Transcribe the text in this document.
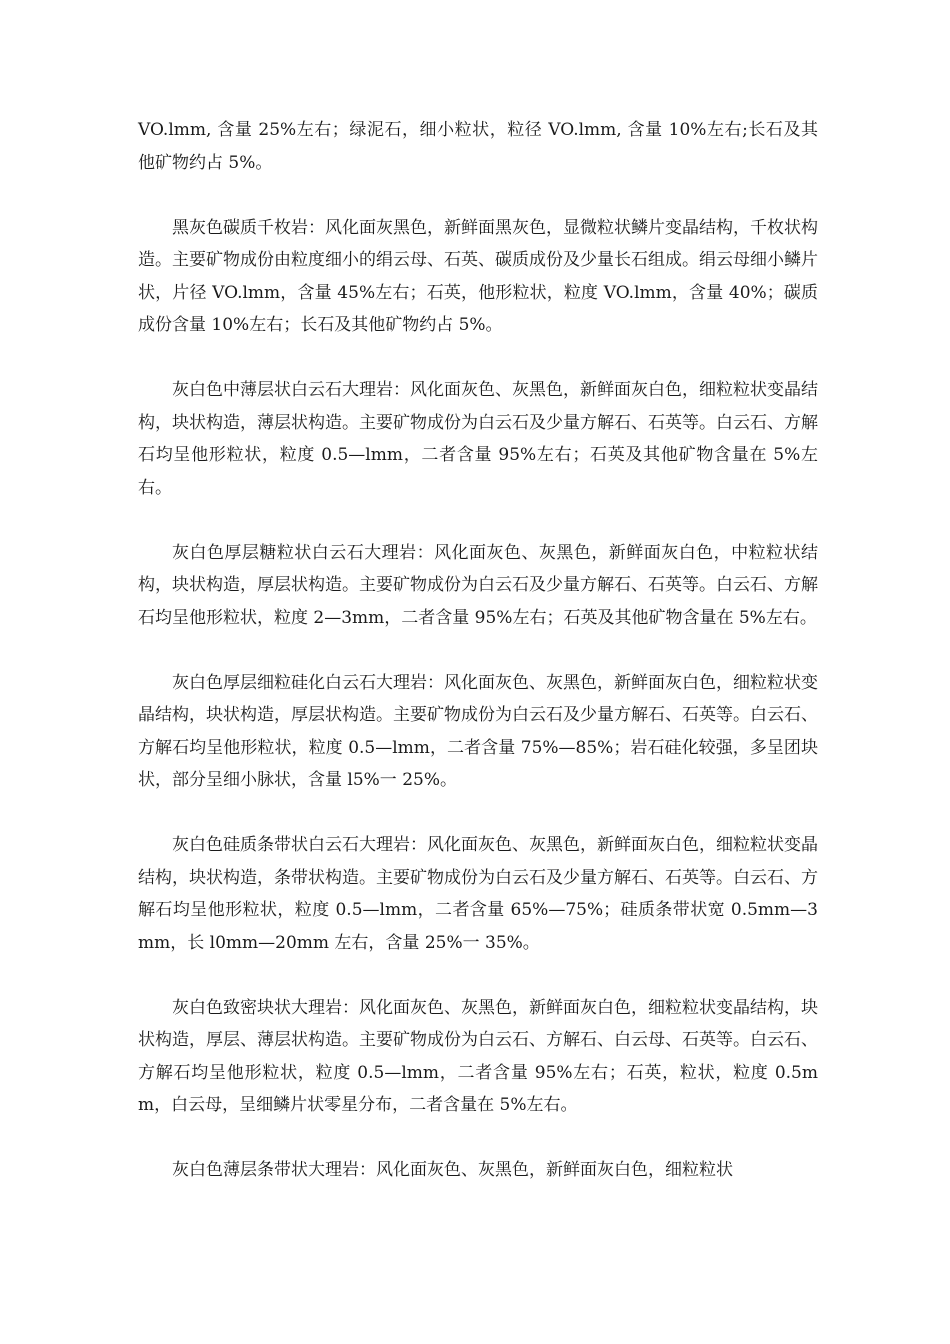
VO.lmm, 含量 25%左右；绿泥石，细小粒状，粒径 VO.lmm, 含量 10%左右;长石及其他矿物约占 5%。

黑灰色碳质千枚岩：风化面灰黑色，新鲜面黑灰色，显微粒状鳞片变晶结构，千枚状构造。主要矿物成份由粒度细小的绢云母、石英、碳质成份及少量长石组成。绢云母细小鳞片状，片径 VO.lmm，含量 45%左右；石英，他形粒状，粒度 VO.lmm，含量 40%；碳质成份含量 10%左右；长石及其他矿物约占 5%。

灰白色中薄层状白云石大理岩：风化面灰色、灰黑色，新鲜面灰白色，细粒粒状变晶结构，块状构造，薄层状构造。主要矿物成份为白云石及少量方解石、石英等。白云石、方解石均呈他形粒状，粒度 0.5—lmm，二者含量 95%左右；石英及其他矿物含量在 5%左右。

灰白色厚层糖粒状白云石大理岩：风化面灰色、灰黑色，新鲜面灰白色，中粒粒状结构，块状构造，厚层状构造。主要矿物成份为白云石及少量方解石、石英等。白云石、方解石均呈他形粒状，粒度 2—3mm，二者含量 95%左右；石英及其他矿物含量在 5%左右。

灰白色厚层细粒硅化白云石大理岩：风化面灰色、灰黑色，新鲜面灰白色，细粒粒状变晶结构，块状构造，厚层状构造。主要矿物成份为白云石及少量方解石、石英等。白云石、方解石均呈他形粒状，粒度 0.5—lmm，二者含量 75%—85%；岩石硅化较强，多呈团块状，部分呈细小脉状，含量 l5%一 25%。

灰白色硅质条带状白云石大理岩：风化面灰色、灰黑色，新鲜面灰白色，细粒粒状变晶结构，块状构造，条带状构造。主要矿物成份为白云石及少量方解石、石英等。白云石、方解石均呈他形粒状，粒度 0.5—lmm，二者含量 65%—75%；硅质条带状宽 0.5mm—3mm，长 l0mm—20mm 左右，含量 25%一 35%。

灰白色致密块状大理岩：风化面灰色、灰黑色，新鲜面灰白色，细粒粒状变晶结构，块状构造，厚层、薄层状构造。主要矿物成份为白云石、方解石、白云母、石英等。白云石、方解石均呈他形粒状，粒度 0.5—lmm，二者含量 95%左右；石英，粒状，粒度 0.5mm，白云母，呈细鳞片状零星分布，二者含量在 5%左右。

灰白色薄层条带状大理岩：风化面灰色、灰黑色，新鲜面灰白色，细粒粒状
